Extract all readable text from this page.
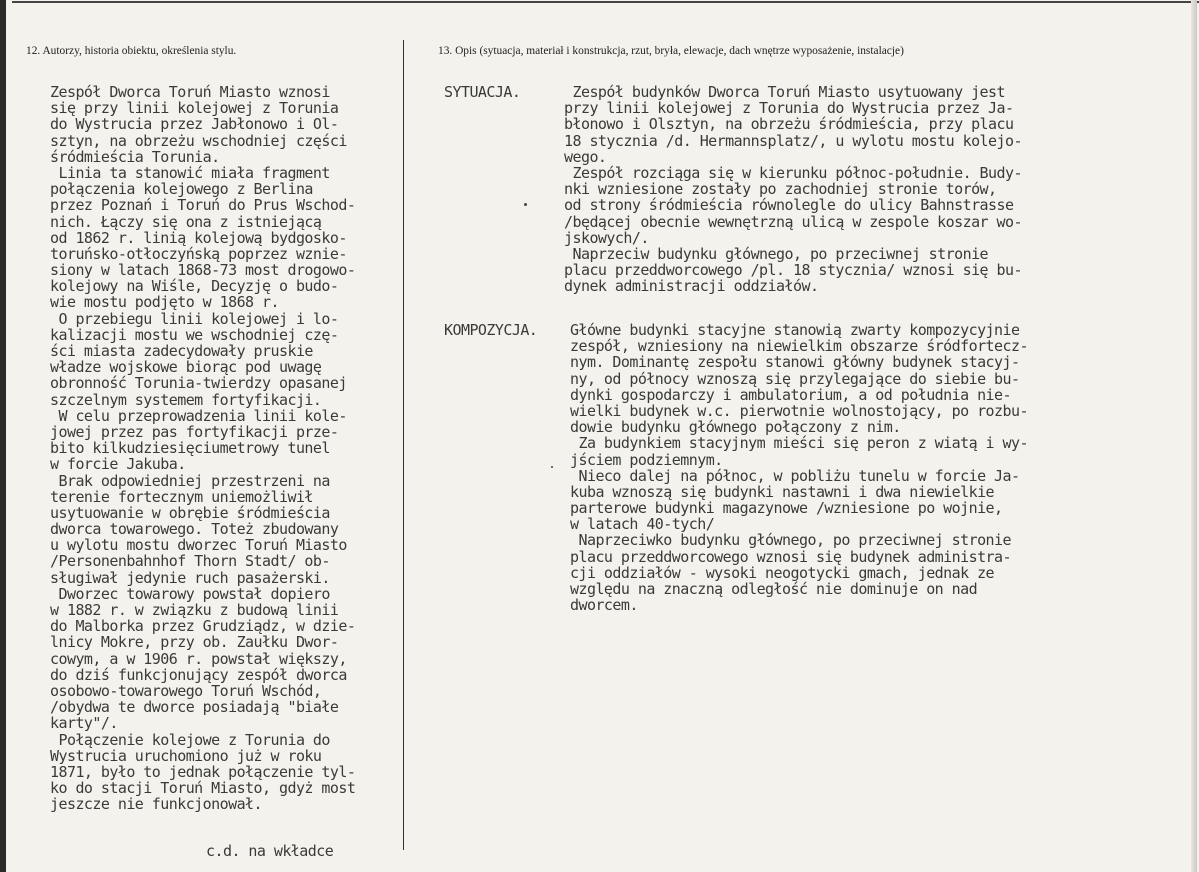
12. Autorzy, historia obiektu, określenia stylu.	13. Opis (sytuacja, materiał i konstrukcja, rzut, bryła, elewacje, dach wnętrze wyposażenie, instalacje)
Zespół Dworca Toruń Miasto wznosi
się przy linii kolejowej z Torunia
do Wystrucia przez Jabłonowo i Ol-
sztyn, na obrzeżu wschodniej części
śródmieścia Torunia.
Linia ta stanowić miała fragment
połączenia kolejowego z Berlina
przez Poznań i Toruń do Prus Wschod-
nich. Łączy się ona z istniejącą
od 1862 r. linią kolejową bydgosko-
toruńsko-otłoczyńską poprzez wznie-
siony w latach 1868-73 most drogowo-
kolejowy na Wiśle, Decyzję o budo-
wie mostu podjęto w 1868 r.
O przebiegu linii kolejowej i lo-
kalizacji mostu we wschodniej czę-
ści miasta zadecydowały pruskie
władze wojskowe biorąc pod uwagę
obronność Torunia-twierdzy opasanej
szczelnym systemem fortyfikacji.
W celu przeprowadzenia linii kole-
jowej przez pas fortyfikacji prze-
bito kilkudziesięciumetrowy tunel
w forcie Jakuba.
Brak odpowiedniej przestrzeni na
terenie fortecznym uniemożliwił
usytuowanie w obrębie śródmieścia
dworca towarowego. Toteż zbudowany
u wylotu mostu dworzec Toruń Miasto
/Personenbahnhof Thorn Stadt/ ob-
sługiwał jedynie ruch pasażerski.
Dworzec towarowy powstał dopiero
w 1882 r. w związku z budową linii
do Malborka przez Grudziądz, w dzie-
lnicy Mokre, przy ob. Zaułku Dwor-
cowym, a w 1906 r. powstał większy,
do dziś funkcjonujący zespół dworca
osobowo-towarowego Toruń Wschód,
/obydwa te dworce posiadają "białe
karty"/.
Połączenie kolejowe z Torunia do
Wystrucia uruchomiono już w roku
1871, było to jednak połączenie tyl-
ko do stacji Toruń Miasto, gdyż most
jeszcze nie funkcjonował.
SYTUACJA.	Zespół budynków Dworca Toruń Miasto usytuowany jest
przy linii kolejowej z Torunia do Wystrucia przez Ja-
błonowo i Olsztyn, na obrzeżu śródmieścia, przy placu
18 stycznia /d. Hermannsplatz/, u wylotu mostu kolejo-
wego.
Zespół rozciąga się w kierunku północ-południe. Budy-
nki wzniesione zostały po zachodniej stronie torów,
od strony śródmieścia równolegle do ulicy Bahnstrasse
/będącej obecnie wewnętrzną ulicą w zespole koszar wo-
jskowych/.
Naprzeciw budynku głównego, po przeciwnej stronie
placu przeddworcowego /pl. 18 stycznia/ wznosi się bu-
dynek administracji oddziałów.
KOMPOZYCJA. Główne budynki stacyjne stanowią zwarty kompozycyjnie
zespół, wzniesiony na niewielkim obszarze śródfortecz-
nym. Dominantę zespołu stanowi główny budynek stacyj-
ny, od północy wznoszą się przylegające do siebie bu-
dynki gospodarczy i ambulatorium, a od południa nie-
wielki budynek w.c. pierwotnie wolnostojący, po rozbu-
dowie budynku głównego połączony z nim.
Za budynkiem stacyjnym mieści się peron z wiatą i wy-
jściem podziemnym.
Nieco dalej na północ, w pobliżu tunelu w forcie Ja-
kuba wznoszą się budynki nastawni i dwa niewielkie
parterowe budynki magazynowe /wzniesione po wojnie,
w latach 40-tych/
Naprzeciwko budynku głównego, po przeciwnej stronie
placu przeddworcowego wznosi się budynek administra-
cji oddziałów - wysoki neogotycki gmach, jednak ze
względu na znaczną odległość nie dominuje on nad
dworcem.
c.d. na wkładce
